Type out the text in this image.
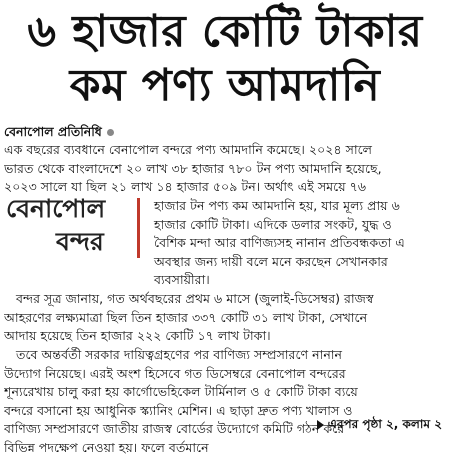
৬ হাজার কোটি টাকার
কম পণ্য আমদানি
বেনাপোল প্রতিনিধি
এক বছরের ব্যবধানে বেনাপোল বন্দরে পণ্য আমদানি কমেছে। ২০২৪ সালে
ভারত থেকে বাংলাদেশে ২০ লাখ ৩৮ হাজার ৭৮০ টন পণ্য আমদানি হয়েছে,
২০২৩ সালে যা ছিল ২১ লাখ ১৪ হাজার ৫০৯ টন। অর্থাৎ এই সময়ে ৭৬
বেনাপোল
বন্দর
হাজার টন পণ্য কম আমদানি হয়, যার মূল্য প্রায় ৬
হাজার কোটি টাকা। এদিকে ডলার সংকট, যুদ্ধ ও
বৈশিক মন্দা আর বাণিজ্যসহ নানান প্রতিবন্ধকতা এ
অবস্থার জন্য দায়ী বলে মনে করছেন সেখানকার
ব্যবসায়ীরা।
বন্দর সূত্র জানায়, গত অর্থবছরের প্রথম ৬ মাসে (জুলাই-ডিসেম্বর) রাজস্ব
আহরণের লক্ষ্যমাত্রা ছিল তিন হাজার ৩৩৭ কোটি ৩১ লাখ টাকা, সেখানে
আদায় হয়েছে তিন হাজার ২২২ কোটি ১৭ লাখ টাকা।
তবে অন্তর্বর্তী সরকার দায়িত্বগ্রহণের পর বাণিজ্য সম্প্রসারণে নানান
উদ্যোগ নিয়েছে। এরই অংশ হিসেবে গত ডিসেম্বরে বেনাপোল বন্দরের
শূন্যরেখায় চালু করা হয় কার্গোভেহিকেল টার্মিনাল ও ৫ কোটি টাকা ব্যয়ে
বন্দরে বসানো হয় আধুনিক স্ক্যানিং মেশিন। এ ছাড়া দ্রুত পণ্য খালাস ও
বাণিজ্য সম্প্রসারণে জাতীয় রাজস্ব বোর্ডের উদ্যোগে কমিটি গঠন করে
বিভিন্ন পদক্ষেপ নেওয়া হয়। ফলে বর্তমানে
এরপর পৃষ্ঠা ২, কলাম ২
